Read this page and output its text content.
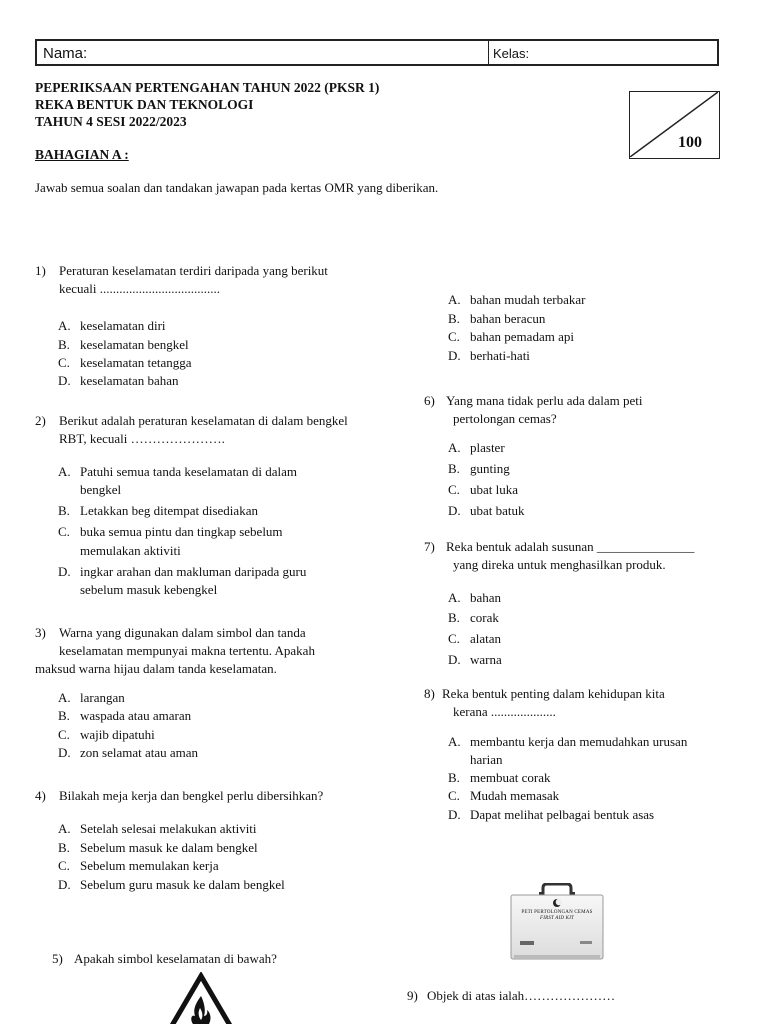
Nama:	Kelas:
PEPERIKSAAN PERTENGAHAN TAHUN 2022 (PKSR 1)
REKA BENTUK DAN TEKNOLOGI
TAHUN 4 SESI 2022/2023
100
BAHAGIAN A :
Jawab semua soalan dan tandakan jawapan pada kertas OMR yang diberikan.
1) Peraturan keselamatan terdiri daripada yang berikut
kecuali .....................................
A. keselamatan diri
B. keselamatan bengkel
C. keselamatan tetangga
D. keselamatan bahan
2) Berikut adalah peraturan keselamatan di dalam bengkel
RBT, kecuali ………………….
A. Patuhi semua tanda keselamatan di dalam
bengkel
B. Letakkan beg ditempat disediakan
C. buka semua pintu dan tingkap sebelum
memulakan aktiviti
D. ingkar arahan dan makluman daripada guru
sebelum masuk kebengkel
3) Warna yang digunakan dalam simbol dan tanda
keselamatan mempunyai makna tertentu. Apakah
maksud warna hijau dalam tanda keselamatan.
A. larangan
B. waspada atau amaran
C. wajib dipatuhi
D. zon selamat atau aman
4) Bilakah meja kerja dan bengkel perlu dibersihkan?
A. Setelah selesai melakukan aktiviti
B. Sebelum masuk ke dalam bengkel
C. Sebelum memulakan kerja
D. Sebelum guru masuk ke dalam bengkel
5) Apakah simbol keselamatan di bawah?
A. bahan mudah terbakar
B. bahan beracun
C. bahan pemadam api
D. berhati-hati
6) Yang mana tidak perlu ada dalam peti
pertolongan cemas?
A. plaster
B. gunting
C. ubat luka
D. ubat batuk
7) Reka bentuk adalah susunan _______________
yang direka untuk menghasilkan produk.
A. bahan
B. corak
C. alatan
D. warna
8) Reka bentuk penting dalam kehidupan kita
kerana ....................
A. membantu kerja dan memudahkan urusan
harian
B. membuat corak
C. Mudah memasak
D. Dapat melihat pelbagai bentuk asas
PETI PERTOLONGAN CEMAS
FIRST AID KIT
9) Objek di atas ialah…………………
